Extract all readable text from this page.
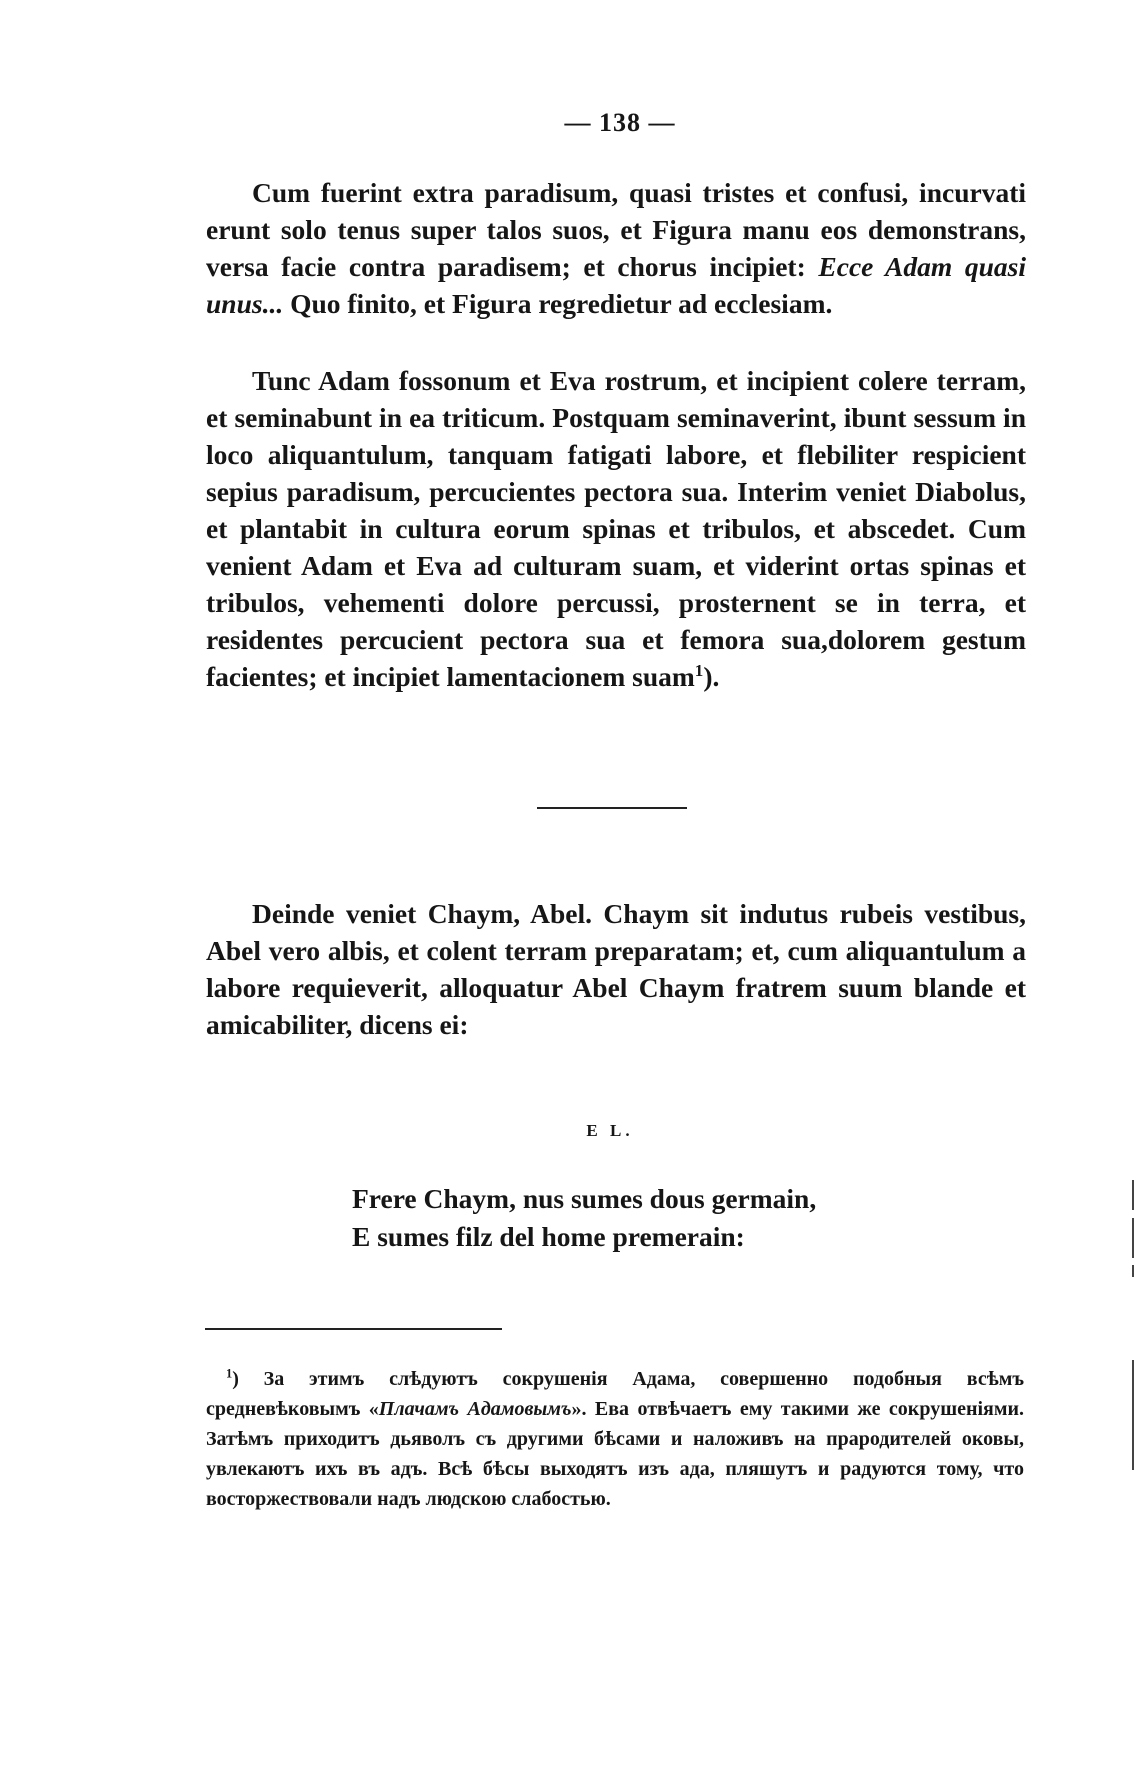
— 138 —

Cum fuerint extra paradisum, quasi tristes et confusi, incurvati erunt solo tenus super talos suos, et Figura manu eos demonstrans, versa facie contra paradisem; et chorus incipiet: Ecce Adam quasi unus... Quo finito, et Figura regredietur ad ecclesiam.

Tunc Adam fossonum et Eva rostrum, et incipient colere terram, et seminabunt in ea triticum. Postquam seminaverint, ibunt sessum in loco aliquantulum, tanquam fatigati labore, et flebiliter respicient sepius paradisum, percucientes pectora sua. Interim veniet Diabolus, et plantabit in cultura eorum spinas et tribulos, et abscedet. Cum venient Adam et Eva ad culturam suam, et viderint ortas spinas et tribulos, vehementi dolore percussi, prosternent se in terra, et residentes percucient pectora sua et femora sua,dolorem gestum facientes; et incipiet lamentacionem suam$^1$).

Deinde veniet Chaym, Abel. Chaym sit indutus rubeis vestibus, Abel vero albis, et colent terram preparatam; et, cum aliquantulum a labore requieverit, alloquatur Abel Chaym fratrem suum blande et amicabiliter, dicens ei:

E L.
Frere Chaym, nus sumes dous germain,
E sumes filz del home premerain:

$^1$) За этимъ слѣдуютъ сокрушенія Адама, совершенно подобныя всѣмъ средневѣковымъ «Плачамъ Адамовымъ». Ева отвѣчаетъ ему такими же сокрушеніями. Затѣмъ приходитъ дьяволъ съ другими бѣсами и наложивъ на прародителей оковы, увлекаютъ ихъ въ адъ. Всѣ бѣсы выходятъ изъ ада, пляшутъ и радуются тому, что восторжествовали надъ людскою слабостью.
